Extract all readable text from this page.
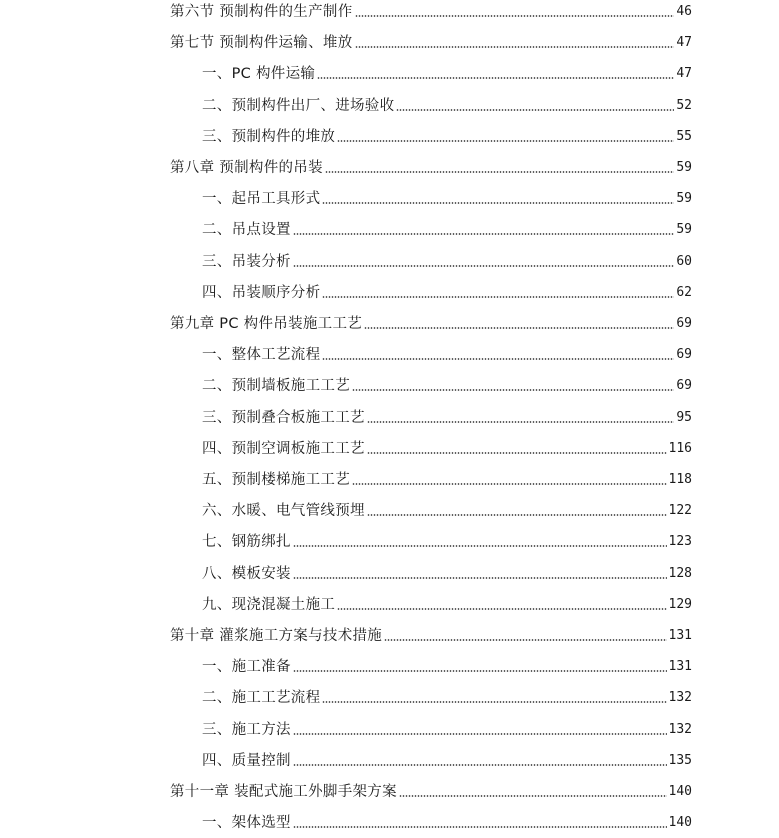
第六节 预制构件的生产制作	46
第七节 预制构件运输、堆放	47
一、PC 构件运输	47
二、预制构件出厂、进场验收	52
三、预制构件的堆放	55
第八章 预制构件的吊装	59
一、起吊工具形式	59
二、吊点设置	59
三、吊装分析	60
四、吊装顺序分析	62
第九章 PC 构件吊装施工工艺	69
一、整体工艺流程	69
二、预制墙板施工工艺	69
三、预制叠合板施工工艺	95
四、预制空调板施工工艺	116
五、预制楼梯施工工艺	118
六、水暖、电气管线预埋	122
七、钢筋绑扎	123
八、模板安装	128
九、现浇混凝土施工	129
第十章 灌浆施工方案与技术措施	131
一、施工准备	131
二、施工工艺流程	132
三、施工方法	132
四、质量控制	135
第十一章 装配式施工外脚手架方案	140
一、架体选型	140
